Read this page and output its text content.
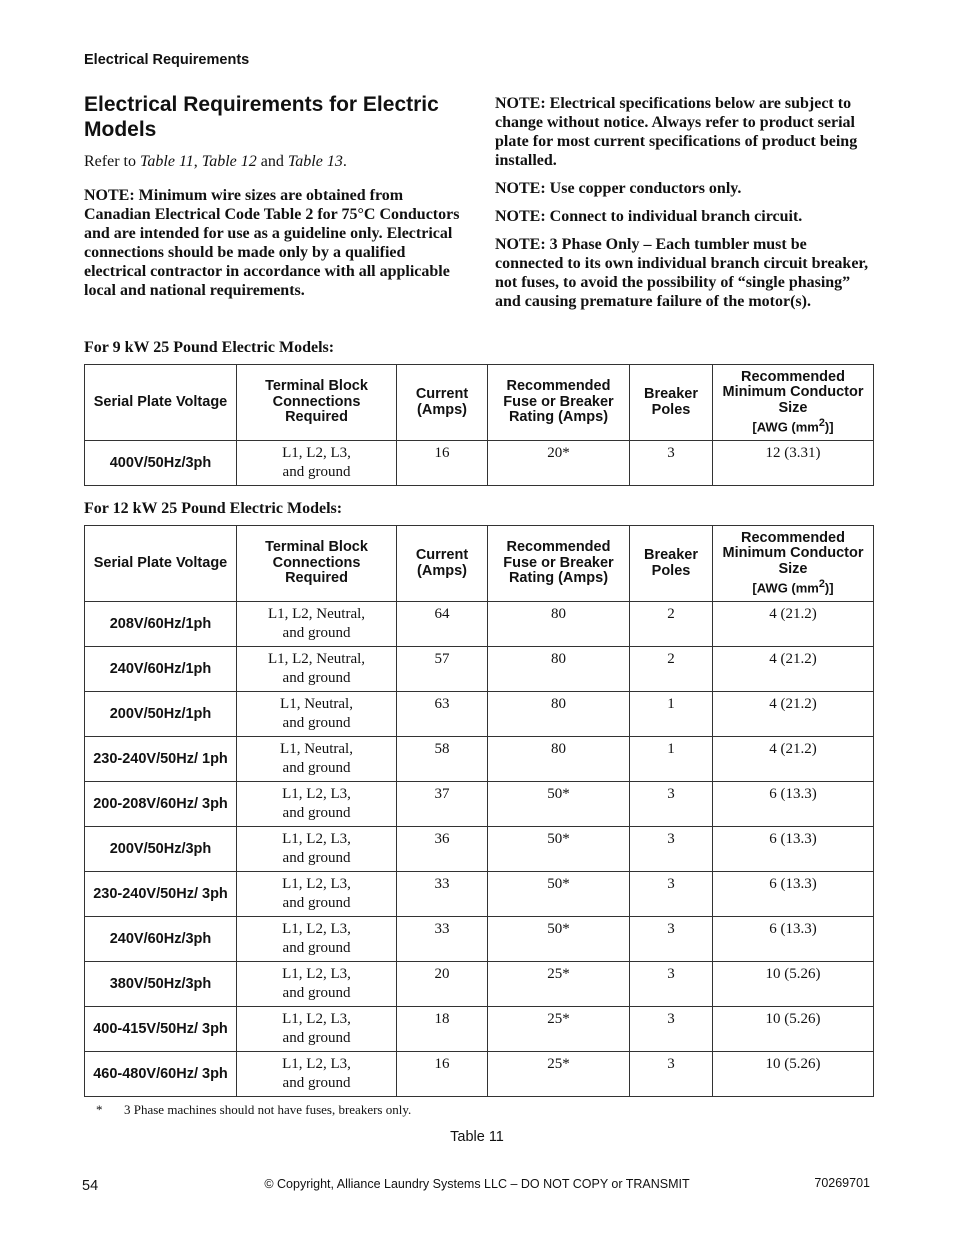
Electrical Requirements
Electrical Requirements for Electric Models

Refer to Table 11, Table 12 and Table 13.

NOTE: Minimum wire sizes are obtained from Canadian Electrical Code Table 2 for 75°C Conductors and are intended for use as a guideline only. Electrical connections should be made only by a qualified electrical contractor in accordance with all applicable local and national requirements.

NOTE: Electrical specifications below are subject to change without notice. Always refer to product serial plate for most current specifications of product being installed.

NOTE: Use copper conductors only.

NOTE: Connect to individual branch circuit.

NOTE: 3 Phase Only – Each tumbler must be connected to its own individual branch circuit breaker, not fuses, to avoid the possibility of “single phasing” and causing premature failure of the motor(s).

For 9 kW 25 Pound Electric Models:
Serial Plate Voltage	Terminal Block Connections Required	Current (Amps)	Recommended Fuse or Breaker Rating (Amps)	Breaker Poles	Recommended Minimum Conductor Size
[AWG $(mm^2)$]

400V/50Hz/3ph	L1, L2, L3,
and ground	16	20*	3	12 (3.31)
For 12 kW 25 Pound Electric Models:
Serial Plate Voltage	Terminal Block Connections Required	Current (Amps)	Recommended Fuse or Breaker Rating (Amps)	Breaker Poles	Recommended Minimum Conductor Size
[AWG $(mm^2)$]

208V/60Hz/1ph	L1, L2, Neutral,
and ground	64	80	2	4 (21.2)
240V/60Hz/1ph	L1, L2, Neutral,
and ground	57	80	2	4 (21.2)
200V/50Hz/1ph	L1, Neutral,
and ground	63	80	1	4 (21.2)
230-240V/50Hz/ 1ph	L1, Neutral,
and ground	58	80	1	4 (21.2)
200-208V/60Hz/ 3ph	L1, L2, L3,
and ground	37	50*	3	6 (13.3)
200V/50Hz/3ph	L1, L2, L3,
and ground	36	50*	3	6 (13.3)
230-240V/50Hz/ 3ph	L1, L2, L3,
and ground	33	50*	3	6 (13.3)
240V/60Hz/3ph	L1, L2, L3,
and ground	33	50*	3	6 (13.3)
380V/50Hz/3ph	L1, L2, L3,
and ground	20	25*	3	10 (5.26)
400-415V/50Hz/ 3ph	L1, L2, L3,
and ground	18	25*	3	10 (5.26)
460-480V/60Hz/ 3ph	L1, L2, L3,
and ground	16	25*	3	10 (5.26)
* 3 Phase machines should not have fuses, breakers only.
Table 11
54	© Copyright, Alliance Laundry Systems LLC – DO NOT COPY or TRANSMIT	70269701
